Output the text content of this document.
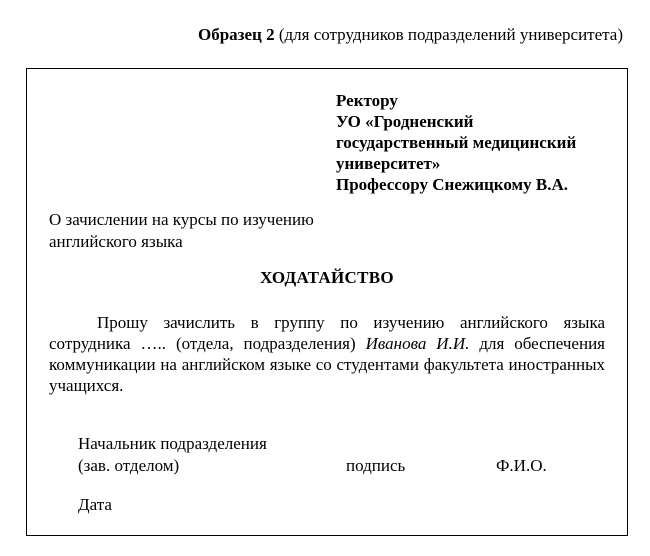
Образец 2 (для сотрудников подразделений университета)
Ректору
УО «Гродненский
государственный медицинский
университет»
Профессору Снежицкому В.А.
О зачислении на курсы по изучению
английского языка
ХОДАТАЙСТВО
Прошу зачислить в группу по изучению английского языка сотрудника ….. (отдела, подразделения) Иванова И.И. для обеспечения коммуникации на английском языке со студентами факультета иностранных учащихся.
Начальник подразделения
(зав. отделом)	подпись	Ф.И.О.
Дата
